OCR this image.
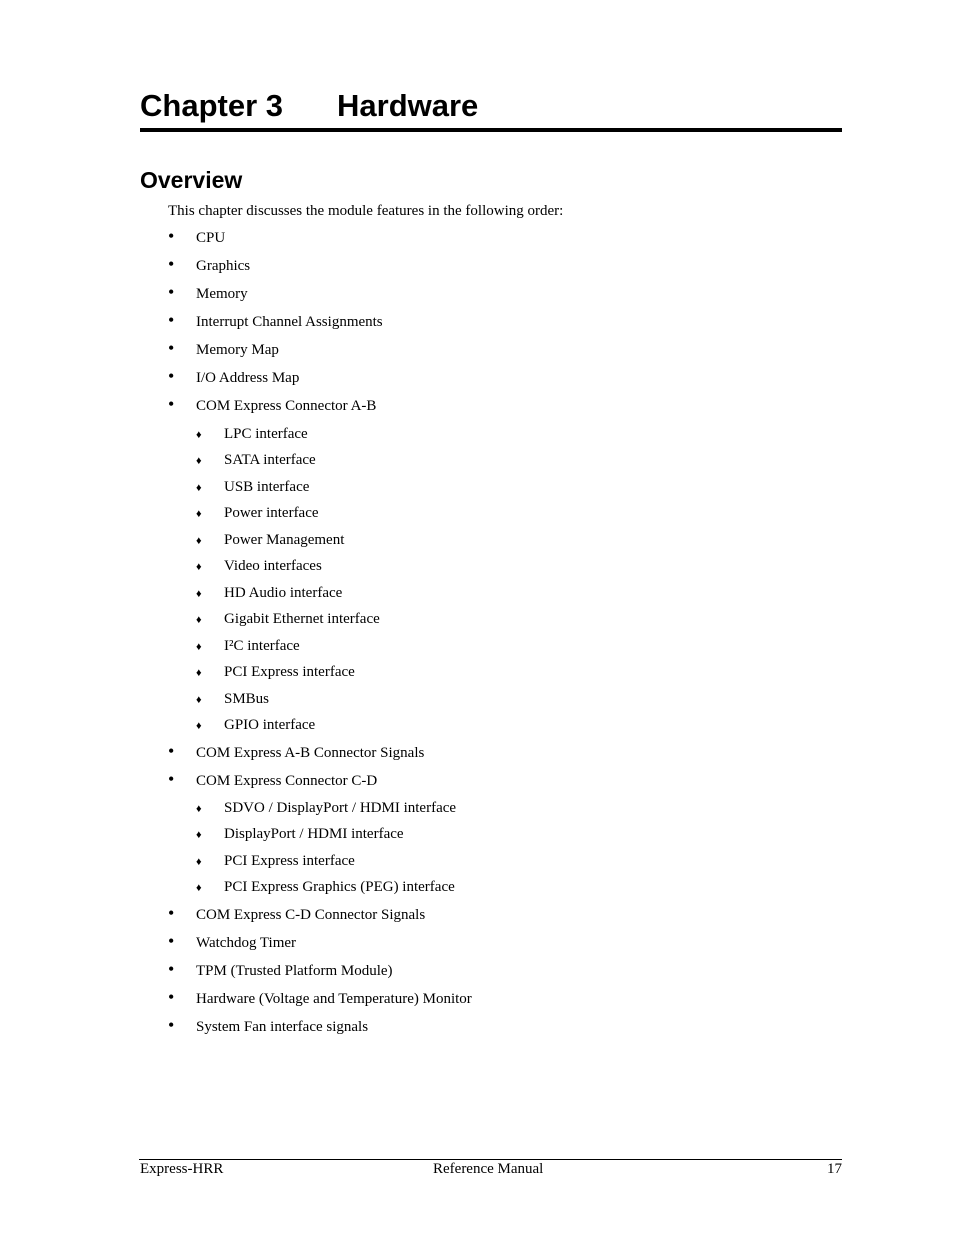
Chapter 3 Hardware
Overview
This chapter discusses the module features in the following order:
• CPU
• Graphics
• Memory
• Interrupt Channel Assignments
• Memory Map
• I/O Address Map
• COM Express Connector A-B
♦ LPC interface
♦ SATA interface
♦ USB interface
♦ Power interface
♦ Power Management
♦ Video interfaces
♦ HD Audio interface
♦ Gigabit Ethernet interface
♦ I²C interface
♦ PCI Express interface
♦ SMBus
♦ GPIO interface
• COM Express A-B Connector Signals
• COM Express Connector C-D
♦ SDVO / DisplayPort / HDMI interface
♦ DisplayPort / HDMI interface
♦ PCI Express interface
♦ PCI Express Graphics (PEG) interface
• COM Express C-D Connector Signals
• Watchdog Timer
• TPM (Trusted Platform Module)
• Hardware (Voltage and Temperature) Monitor
• System Fan interface signals
Express-HRR	Reference Manual	17
